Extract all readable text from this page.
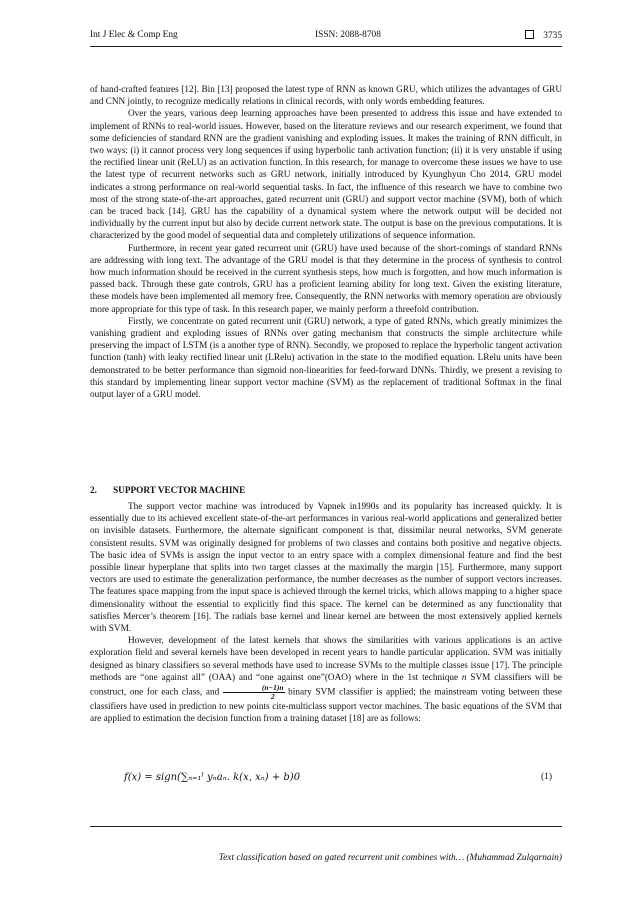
Int J Elec & Comp Eng	ISSN: 2088-8708	3735

of hand-crafted features [12]. Bin [13] proposed the latest type of RNN as known GRU, which utilizes the advantages of GRU and CNN jointly, to recognize medically relations in clinical records, with only words embedding features.

Over the years, various deep learning approaches have been presented to address this issue and have extended to implement of RNNs to real-world issues. However, based on the literature reviews and our research experiment, we found that some deficiencies of standard RNN are the gradient vanishing and exploding issues. It makes the training of RNN difficult, in two ways: (i) it cannot process very long sequences if using hyperbolic tanh activation function; (ii) it is very unstable if using the rectified linear unit (ReLU) as an activation function. In this research, for manage to overcome these issues we have to use the latest type of recurrent networks such as GRU network, initially introduced by Kyunghyun Cho 2014. GRU model indicates a strong performance on real-world sequential tasks. In fact, the influence of this research we have to combine two most of the strong state-of-the-art approaches, gated recurrent unit (GRU) and support vector machine (SVM), both of which can be traced back [14]. GRU has the capability of a dynamical system where the network output will be decided not individually by the current input but also by decide current network state. The output is base on the previous computations. It is characterized by the good model of sequential data and completely utilizations of sequence information.

Furthermore, in recent year gated recurrent unit (GRU) have used because of the short-comings of standard RNNs are addressing with long text. The advantage of the GRU model is that they determine in the process of synthesis to control how much information should be received in the current synthesis steps, how much is forgotten, and how much information is passed back. Through these gate controls, GRU has a proficient learning ability for long text. Given the existing literature, these models have been implemented all memory free. Consequently, the RNN networks with memory operation are obviously more appropriate for this type of task. In this research paper, we mainly perform a threefold contribution.

Firstly, we concentrate on gated recurrent unit (GRU) network, a type of gated RNNs, which greatly minimizes the vanishing gradient and exploding issues of RNNs over gating mechanism that constructs the simple architecture while preserving the impact of LSTM (is a another type of RNN). Secondly, we proposed to replace the hyperbolic tangent activation function (tanh) with leaky rectified linear unit (LRelu) activation in the state to the modified equation. LRelu units have been demonstrated to be better performance than sigmoid non-linearities for feed-forward DNNs. Thirdly, we present a revising to this standard by implementing linear support vector machine (SVM) as the replacement of traditional Softmax in the final output layer of a GRU model.

2. SUPPORT VECTOR MACHINE

The support vector machine was introduced by Vapnek in1990s and its popularity has increased quickly. It is essentially due to its achieved excellent state-of-the-art performances in various real-world applications and generalized better on invisible datasets. Furthermore, the alternate significant component is that, dissimilar neural networks, SVM generate consistent results. SVM was originally designed for problems of two classes and contains both positive and negative objects. The basic idea of SVMs is assign the input vector to an entry space with a complex dimensional feature and find the best possible linear hyperplane that splits into two target classes at the maximally the margin [15]. Furthermore, many support vectors are used to estimate the generalization performance, the number decreases as the number of support vectors increases. The features space mapping from the input space is achieved through the kernel tricks, which allows mapping to a higher space dimensionality without the essential to explicitly find this space. The kernel can be determined as any functionality that satisfies Mercer’s theorem [16]. The radials base kernel and linear kernel are between the most extensively applied kernels with SVM.

However, development of the latest kernels that shows the similarities with various applications is an active exploration field and several kernels have been developed in recent years to handle particular application. SVM was initially designed as binary classifiers so several methods have used to increase SVMs to the multiple classes issue [17]. The principle methods are “one against all” (OAA) and “one against one”(OAO) where in the 1st technique n SVM classifiers will be construct, one for each class, and $\frac{(n-1)n}{2}$ binary SVM classifier is applied; the mainstream voting between these classifiers have used in prediction to new points cite-multiclass support vector machines. The basic equations of the SVM that are applied to estimation the decision function from a training dataset [18] are as follows:

f(x) = sign(∑ₙ₌₁ˡ yₙaₙ. k(x, xₙ) + b)0	(1)
Text classification based on gated recurrent unit combines with… (Muhammad Zulqarnain)
